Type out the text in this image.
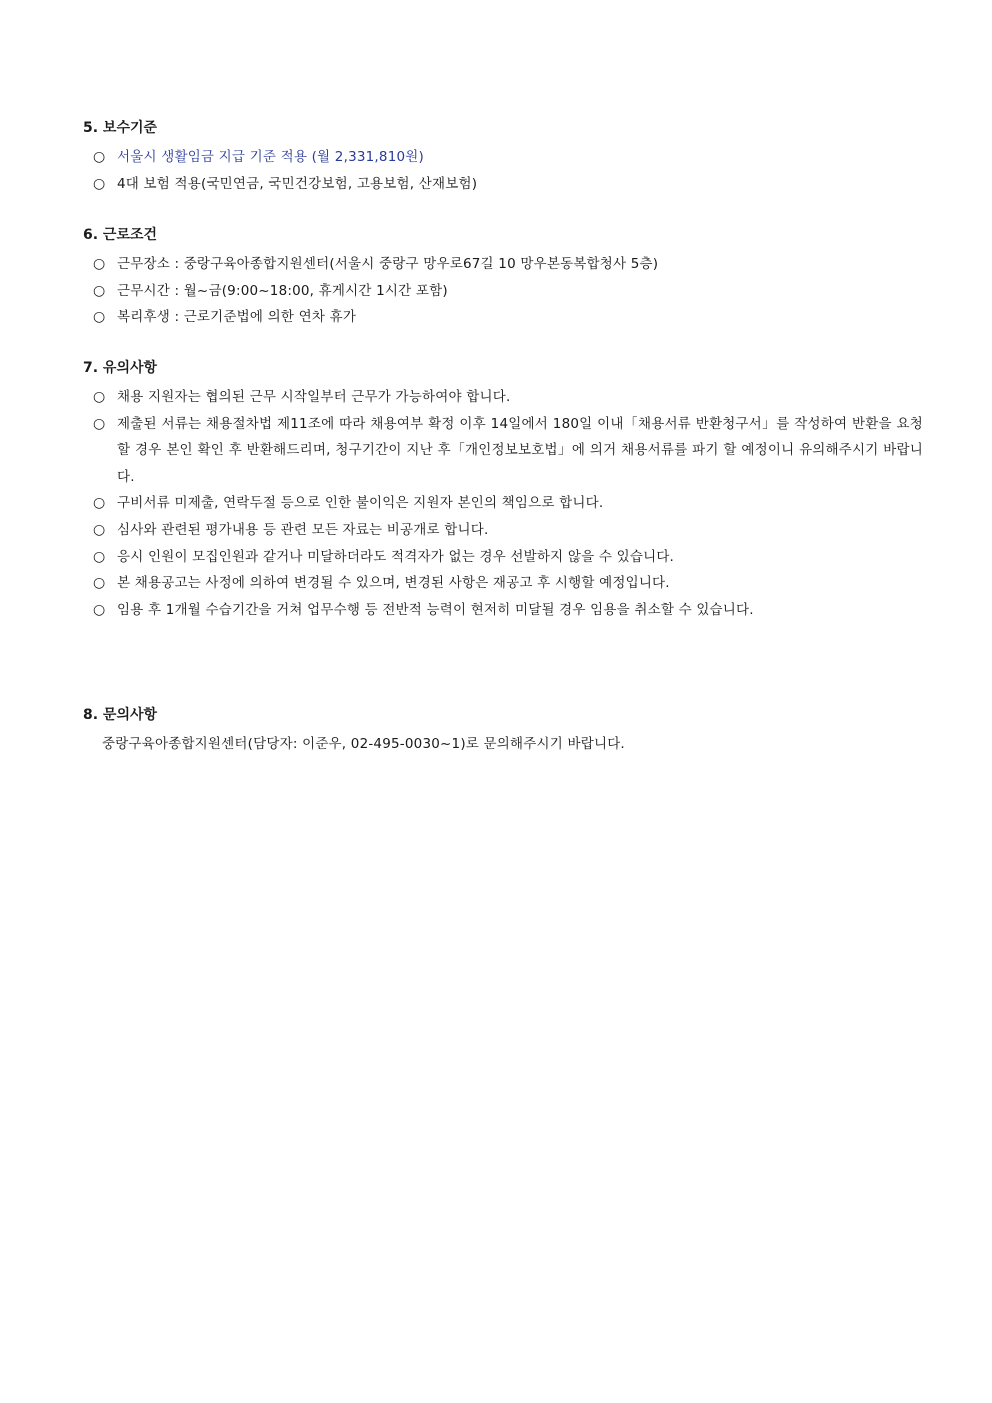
5. 보수기준
○ 서울시 생활임금 지급 기준 적용 (월 2,331,810원)
○ 4대 보험 적용(국민연금, 국민건강보험, 고용보험, 산재보험)
6. 근로조건
○ 근무장소 : 중랑구육아종합지원센터(서울시 중랑구 망우로67길 10 망우본동복합청사 5층)
○ 근무시간 : 월~금(9:00~18:00, 휴게시간 1시간 포함)
○ 복리후생 : 근로기준법에 의한 연차 휴가
7. 유의사항
○ 채용 지원자는 협의된 근무 시작일부터 근무가 가능하여야 합니다.
○ 제출된 서류는 채용절차법 제11조에 따라 채용여부 확정 이후 14일에서 180일 이내「채용서류 반환청구서」를 작성하여 반환을 요청할 경우 본인 확인 후 반환해드리며, 청구기간이 지난 후「개인정보보호법」에 의거 채용서류를 파기 할 예정이니 유의해주시기 바랍니다.
○ 구비서류 미제출, 연락두절 등으로 인한 불이익은 지원자 본인의 책임으로 합니다.
○ 심사와 관련된 평가내용 등 관련 모든 자료는 비공개로 합니다.
○ 응시 인원이 모집인원과 같거나 미달하더라도 적격자가 없는 경우 선발하지 않을 수 있습니다.
○ 본 채용공고는 사정에 의하여 변경될 수 있으며, 변경된 사항은 재공고 후 시행할 예정입니다.
○ 임용 후 1개월 수습기간을 거쳐 업무수행 등 전반적 능력이 현저히 미달될 경우 임용을 취소할 수 있습니다.
8. 문의사항
중랑구육아종합지원센터(담당자: 이준우, 02-495-0030~1)로 문의해주시기 바랍니다.
